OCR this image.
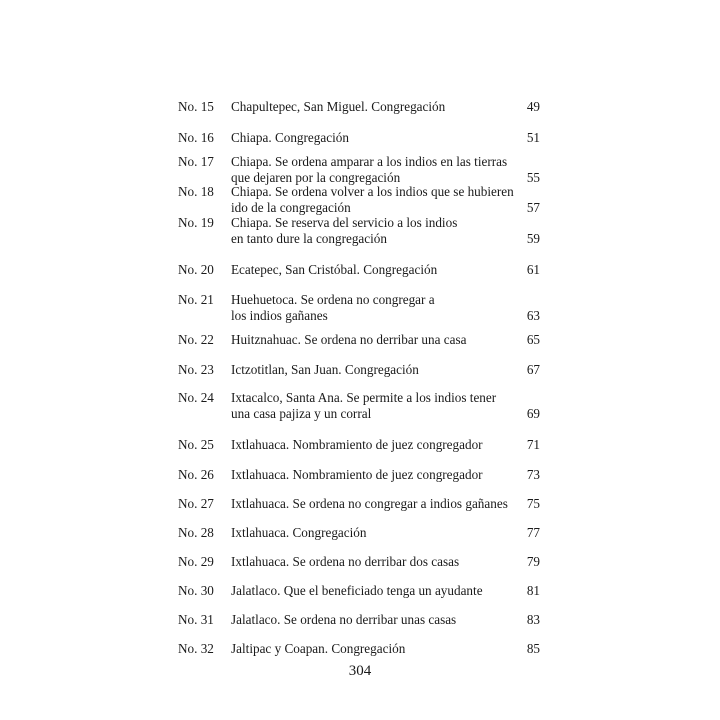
No. 15 Chapultepec, San Miguel. Congregación	49
No. 16 Chiapa. Congregación	51
No. 17 Chiapa. Se ordena amparar a los indios en las tierras
que dejaren por la congregación	55
No. 18 Chiapa. Se ordena volver a los indios que se hubieren
ido de la congregación	57
No. 19 Chiapa. Se reserva del servicio a los indios
en tanto dure la congregación	59
No. 20 Ecatepec, San Cristóbal. Congregación	61
No. 21 Huehuetoca. Se ordena no congregar a
los indios gañanes	63
No. 22 Huitznahuac. Se ordena no derribar una casa	65
No. 23 Ictzotitlan, San Juan. Congregación	67
No. 24 Ixtacalco, Santa Ana. Se permite a los indios tener
una casa pajiza y un corral	69
No. 25 Ixtlahuaca. Nombramiento de juez congregador	71
No. 26 Ixtlahuaca. Nombramiento de juez congregador	73
No. 27 Ixtlahuaca. Se ordena no congregar a indios gañanes 75
No. 28 Ixtlahuaca. Congregación	77
No. 29 Ixtlahuaca. Se ordena no derribar dos casas	79
No. 30 Jalatlaco. Que el beneficiado tenga un ayudante	81
No. 31 Jalatlaco. Se ordena no derribar unas casas	83
No. 32 Jaltipac y Coapan. Congregación	85
304
